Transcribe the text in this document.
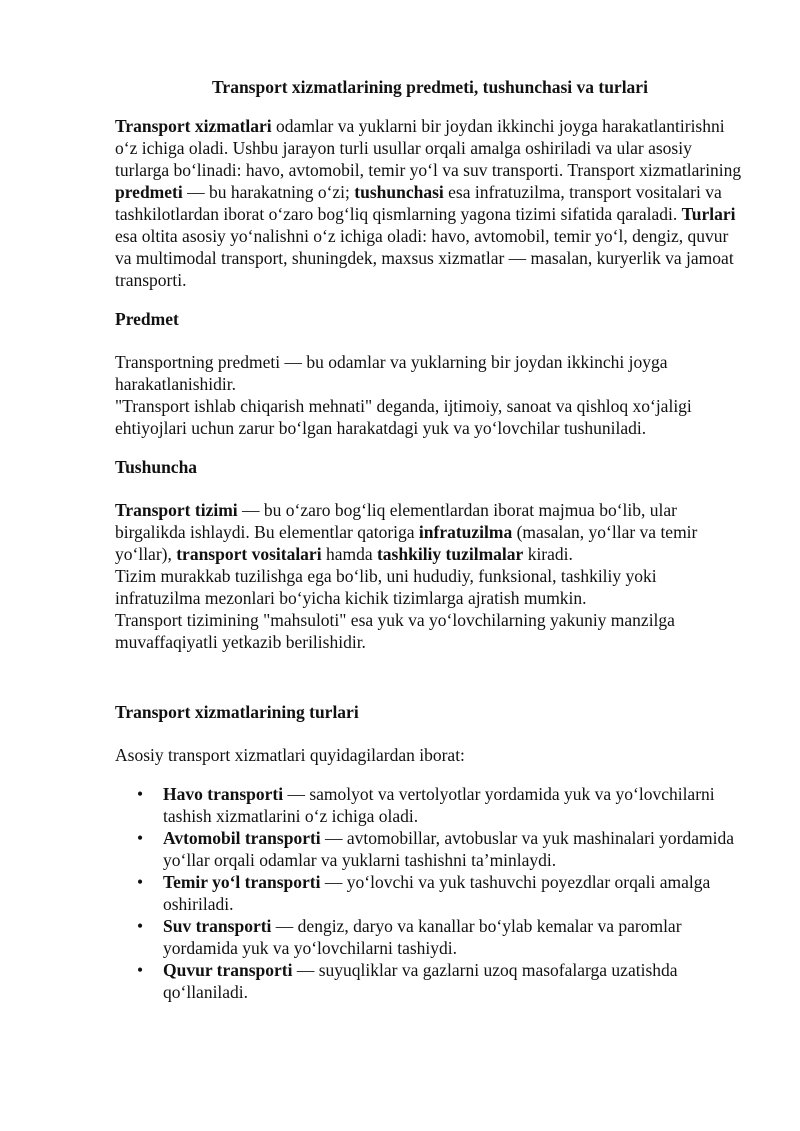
Transport xizmatlarining predmeti, tushunchasi va turlari

Transport xizmatlari odamlar va yuklarni bir joydan ikkinchi joyga harakatlantirishni o‘z ichiga oladi. Ushbu jarayon turli usullar orqali amalga oshiriladi va ular asosiy turlarga bo‘linadi: havo, avtomobil, temir yo‘l va suv transporti. Transport xizmatlarining predmeti — bu harakatning o‘zi; tushunchasi esa infratuzilma, transport vositalari va tashkilotlardan iborat o‘zaro bog‘liq qismlarning yagona tizimi sifatida qaraladi. Turlari esa oltita asosiy yo‘nalishni o‘z ichiga oladi: havo, avtomobil, temir yo‘l, dengiz, quvur va multimodal transport, shuningdek, maxsus xizmatlar — masalan, kuryerlik va jamoat transporti.

Predmet

Transportning predmeti — bu odamlar va yuklarning bir joydan ikkinchi joyga harakatlanishidir.

"Transport ishlab chiqarish mehnati" deganda, ijtimoiy, sanoat va qishloq xo‘jaligi ehtiyojlari uchun zarur bo‘lgan harakatdagi yuk va yo‘lovchilar tushuniladi.

Tushuncha

Transport tizimi — bu o‘zaro bog‘liq elementlardan iborat majmua bo‘lib, ular birgalikda ishlaydi. Bu elementlar qatoriga infratuzilma (masalan, yo‘llar va temir yo‘llar), transport vositalari hamda tashkiliy tuzilmalar kiradi.

Tizim murakkab tuzilishga ega bo‘lib, uni hududiy, funksional, tashkiliy yoki infratuzilma mezonlari bo‘yicha kichik tizimlarga ajratish mumkin.

Transport tizimining "mahsuloti" esa yuk va yo‘lovchilarning yakuniy manzilga muvaffaqiyatli yetkazib berilishidir.

Transport xizmatlarining turlari

Asosiy transport xizmatlari quyidagilardan iborat:

• Havo transporti — samolyot va vertolyotlar yordamida yuk va yo‘lovchilarni tashish xizmatlarini o‘z ichiga oladi.
• Avtomobil transporti — avtomobillar, avtobuslar va yuk mashinalari yordamida yo‘llar orqali odamlar va yuklarni tashishni ta’minlaydi.
• Temir yo‘l transporti — yo‘lovchi va yuk tashuvchi poyezdlar orqali amalga oshiriladi.
• Suv transporti — dengiz, daryo va kanallar bo‘ylab kemalar va paromlar yordamida yuk va yo‘lovchilarni tashiydi.
• Quvur transporti — suyuqliklar va gazlarni uzoq masofalarga uzatishda qo‘llaniladi.
